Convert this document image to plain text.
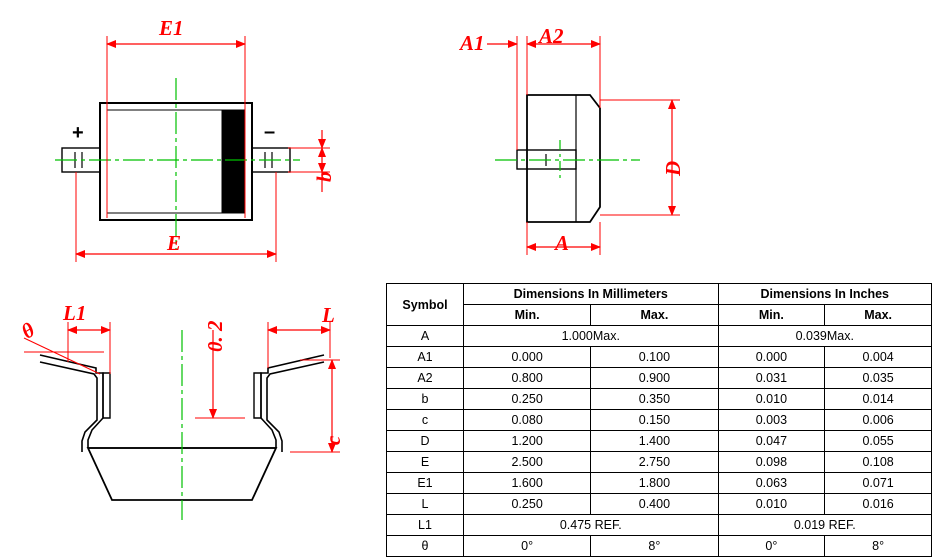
E1
E
b
+	–
A1	A2
A
D
θ
L1
0. 2
L
c
Symbol	Dimensions In Millimeters		Dimensions In Inches	
	Min.	Max.	Min.	Max.
A	1.000Max.		0.039Max.	
A1	0.000	0.100	0.000	0.004
A2	0.800	0.900	0.031	0.035
b	0.250	0.350	0.010	0.014
c	0.080	0.150	0.003	0.006
D	1.200	1.400	0.047	0.055
E	2.500	2.750	0.098	0.108
E1	1.600	1.800	0.063	0.071
L	0.250	0.400	0.010	0.016
L1	0.475 REF.		0.019 REF.	
θ	0°	8°	0°	8°
